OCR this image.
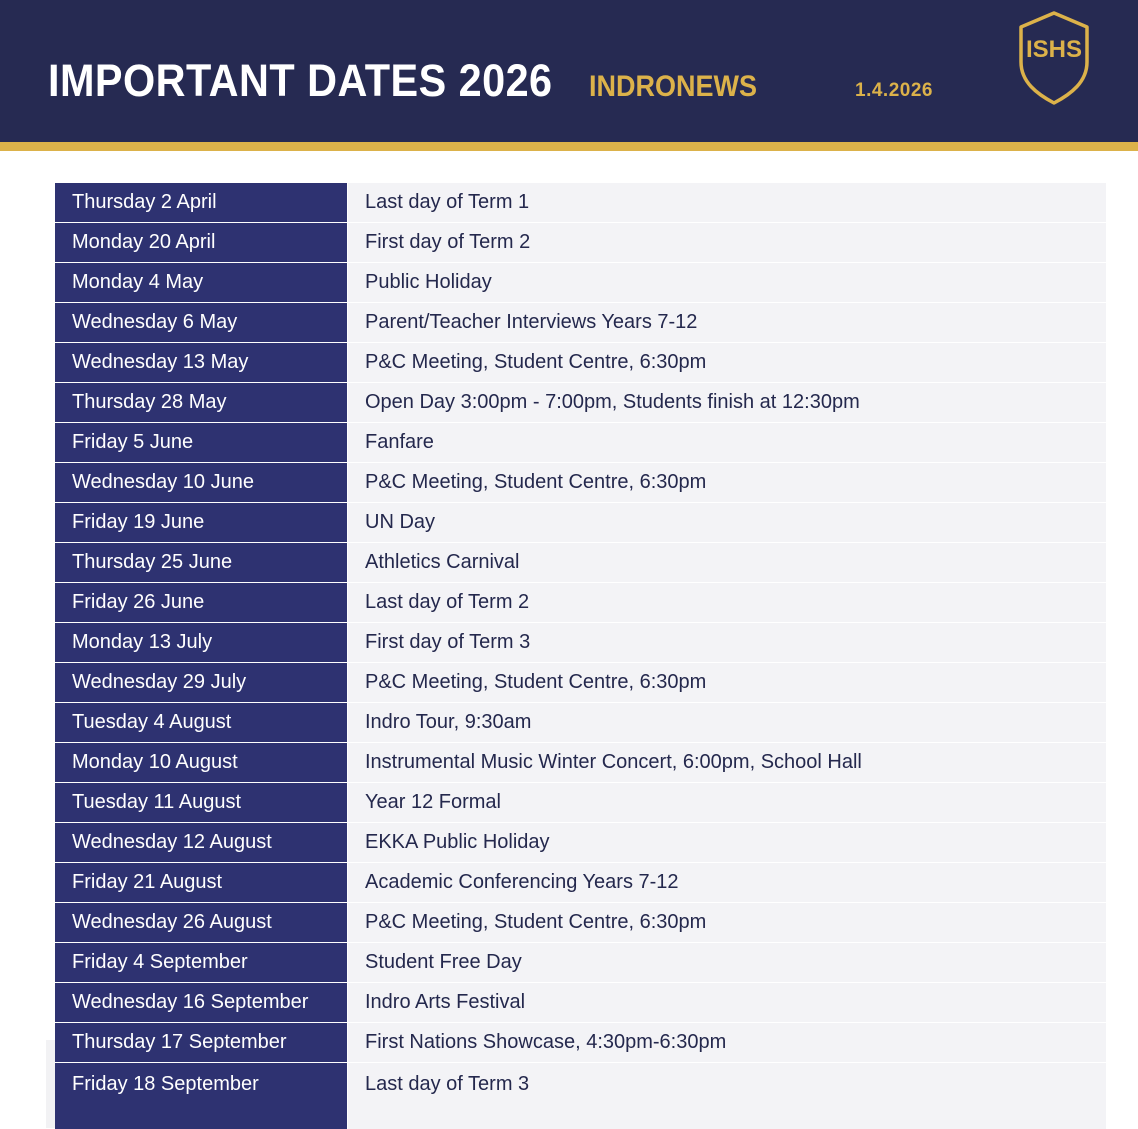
IMPORTANT DATES 2026 INDRONEWS	1.4.2026
ISHS
Thursday 2 April	Last day of Term 1
Monday 20 April	First day of Term 2
Monday 4 May	Public Holiday
Wednesday 6 May	Parent/Teacher Interviews Years 7-12
Wednesday 13 May	P&C Meeting, Student Centre, 6:30pm
Thursday 28 May	Open Day 3:00pm - 7:00pm, Students finish at 12:30pm
Friday 5 June	Fanfare
Wednesday 10 June	P&C Meeting, Student Centre, 6:30pm
Friday 19 June	UN Day
Thursday 25 June	Athletics Carnival
Friday 26 June	Last day of Term 2
Monday 13 July	First day of Term 3
Wednesday 29 July	P&C Meeting, Student Centre, 6:30pm
Tuesday 4 August	Indro Tour, 9:30am
Monday 10 August	Instrumental Music Winter Concert, 6:00pm, School Hall
Tuesday 11 August	Year 12 Formal
Wednesday 12 August	EKKA Public Holiday
Friday 21 August	Academic Conferencing Years 7-12
Wednesday 26 August	P&C Meeting, Student Centre, 6:30pm
Friday 4 September	Student Free Day
Wednesday 16 September	Indro Arts Festival
Thursday 17 September	First Nations Showcase, 4:30pm-6:30pm
Friday 18 September	Last day of Term 3
